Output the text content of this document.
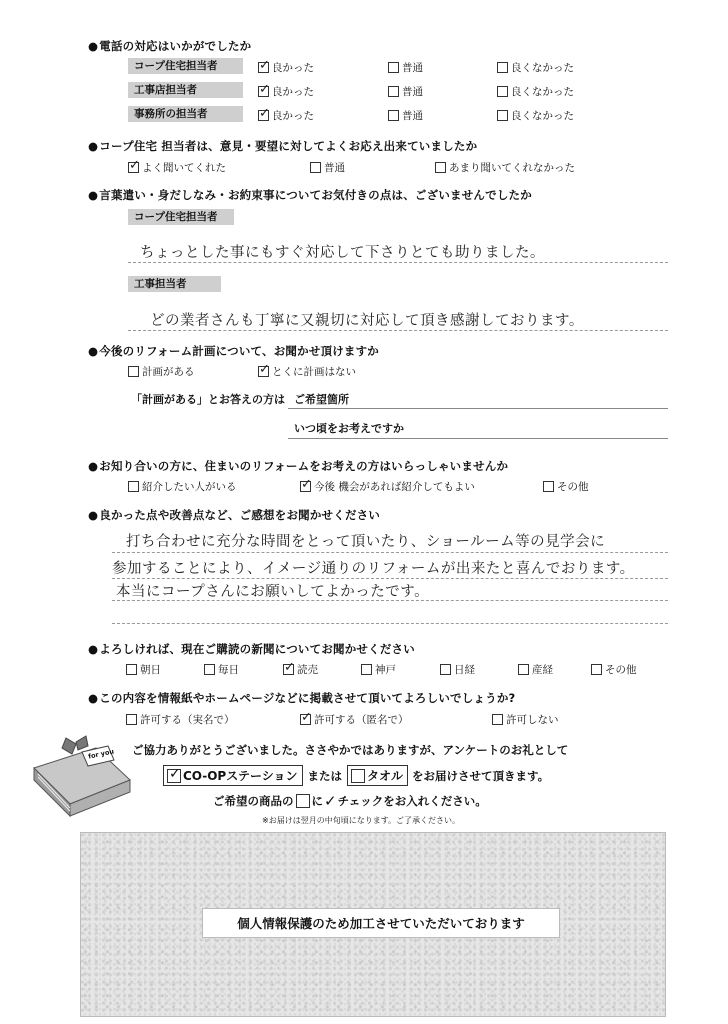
● 電話の対応はいかがでしたか
コープ住宅担当者 ✓	良かった	普通	良くなかった
工事店担当者 ✓	良かった	普通	良くなかった
事務所の担当者 ✓	良かった	普通	良くなかった
● コープ住宅 担当者は、意見・要望に対してよくお応え出来ていましたか
✓
よく聞いてくれた	普通	あまり聞いてくれなかった
● 言葉遣い・身だしなみ・お約束事についてお気付きの点は、ございませんでしたか
コープ住宅担当者
ちょっとした事にもすぐ対応して下さりとても助りました。
工事担当者
どの業者さんも丁寧に又親切に対応して頂き感謝しております。
● 今後のリフォーム計画について、お聞かせ頂けますか
計画がある ✓	とくに計画はない
「計画がある」とお答えの方は ご希望箇所
いつ頃をお考えですか
● お知り合いの方に、住まいのリフォームをお考えの方はいらっしゃいませんか
紹介したい人がいる ✓	今後 機会があれば紹介してもよい	その他
● 良かった点や改善点など、ご感想をお聞かせください
打ち合わせに充分な時間をとって頂いたり、ショールーム等の見学会に
参加することにより、イメージ通りのリフォームが出来たと喜んでおります。
本当にコープさんにお願いしてよかったです。
● よろしければ、現在ご購読の新聞についてお聞かせください
朝日	毎日 ✓	読売	神戸	日経	産経	その他
● この内容を情報紙やホームページなどに掲載させて頂いてよろしいでしょうか?
許可する（実名で） ✓	許可する（匿名で）	許可しない
for you ご協力ありがとうございました。ささやかではありますが、アンケートのお礼として
✓
CO-OPステーション または タオル をお届けさせて頂きます。
ご希望の商品の に ✓ チェックをお入れください。
※お届けは翌月の中旬頃になります。ご了承ください。
個人情報保護のため加工させていただいております
